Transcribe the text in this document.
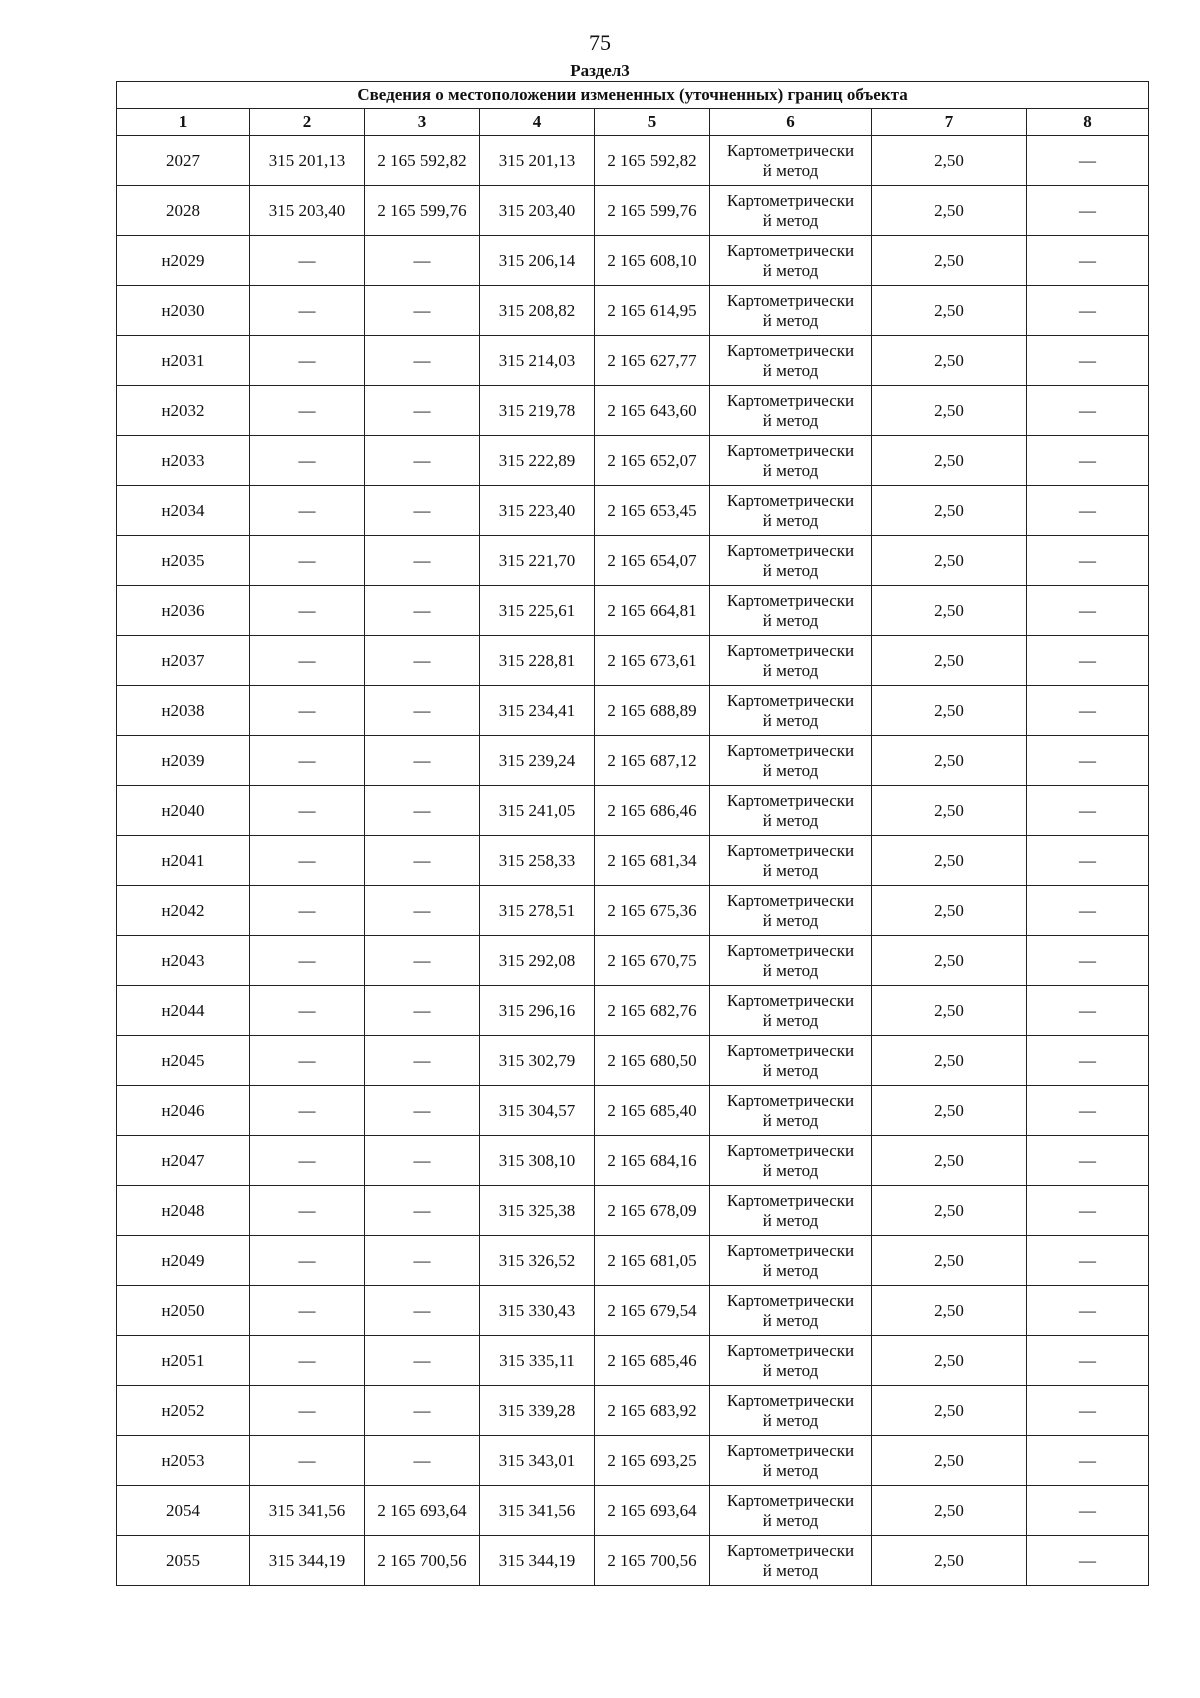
75
Раздел3
Сведения о местоположении измененных (уточненных) границ объекта							
1	2	3	4	5	6	7	8
2027	315 201,13	2 165 592,82	315 201,13	2 165 592,82	Картометрически
й метод	2,50	—
2028	315 203,40	2 165 599,76	315 203,40	2 165 599,76	Картометрически
й метод	2,50	—
н2029	—	—	315 206,14	2 165 608,10	Картометрически
й метод	2,50	—
н2030	—	—	315 208,82	2 165 614,95	Картометрически
й метод	2,50	—
н2031	—	—	315 214,03	2 165 627,77	Картометрически
й метод	2,50	—
н2032	—	—	315 219,78	2 165 643,60	Картометрически
й метод	2,50	—
н2033	—	—	315 222,89	2 165 652,07	Картометрически
й метод	2,50	—
н2034	—	—	315 223,40	2 165 653,45	Картометрически
й метод	2,50	—
н2035	—	—	315 221,70	2 165 654,07	Картометрически
й метод	2,50	—
н2036	—	—	315 225,61	2 165 664,81	Картометрически
й метод	2,50	—
н2037	—	—	315 228,81	2 165 673,61	Картометрически
й метод	2,50	—
н2038	—	—	315 234,41	2 165 688,89	Картометрически
й метод	2,50	—
н2039	—	—	315 239,24	2 165 687,12	Картометрически
й метод	2,50	—
н2040	—	—	315 241,05	2 165 686,46	Картометрически
й метод	2,50	—
н2041	—	—	315 258,33	2 165 681,34	Картометрически
й метод	2,50	—
н2042	—	—	315 278,51	2 165 675,36	Картометрически
й метод	2,50	—
н2043	—	—	315 292,08	2 165 670,75	Картометрически
й метод	2,50	—
н2044	—	—	315 296,16	2 165 682,76	Картометрически
й метод	2,50	—
н2045	—	—	315 302,79	2 165 680,50	Картометрически
й метод	2,50	—
н2046	—	—	315 304,57	2 165 685,40	Картометрически
й метод	2,50	—
н2047	—	—	315 308,10	2 165 684,16	Картометрически
й метод	2,50	—
н2048	—	—	315 325,38	2 165 678,09	Картометрически
й метод	2,50	—
н2049	—	—	315 326,52	2 165 681,05	Картометрически
й метод	2,50	—
н2050	—	—	315 330,43	2 165 679,54	Картометрически
й метод	2,50	—
н2051	—	—	315 335,11	2 165 685,46	Картометрически
й метод	2,50	—
н2052	—	—	315 339,28	2 165 683,92	Картометрически
й метод	2,50	—
н2053	—	—	315 343,01	2 165 693,25	Картометрически
й метод	2,50	—
2054	315 341,56	2 165 693,64	315 341,56	2 165 693,64	Картометрически
й метод	2,50	—
2055	315 344,19	2 165 700,56	315 344,19	2 165 700,56	Картометрически
й метод	2,50	—
